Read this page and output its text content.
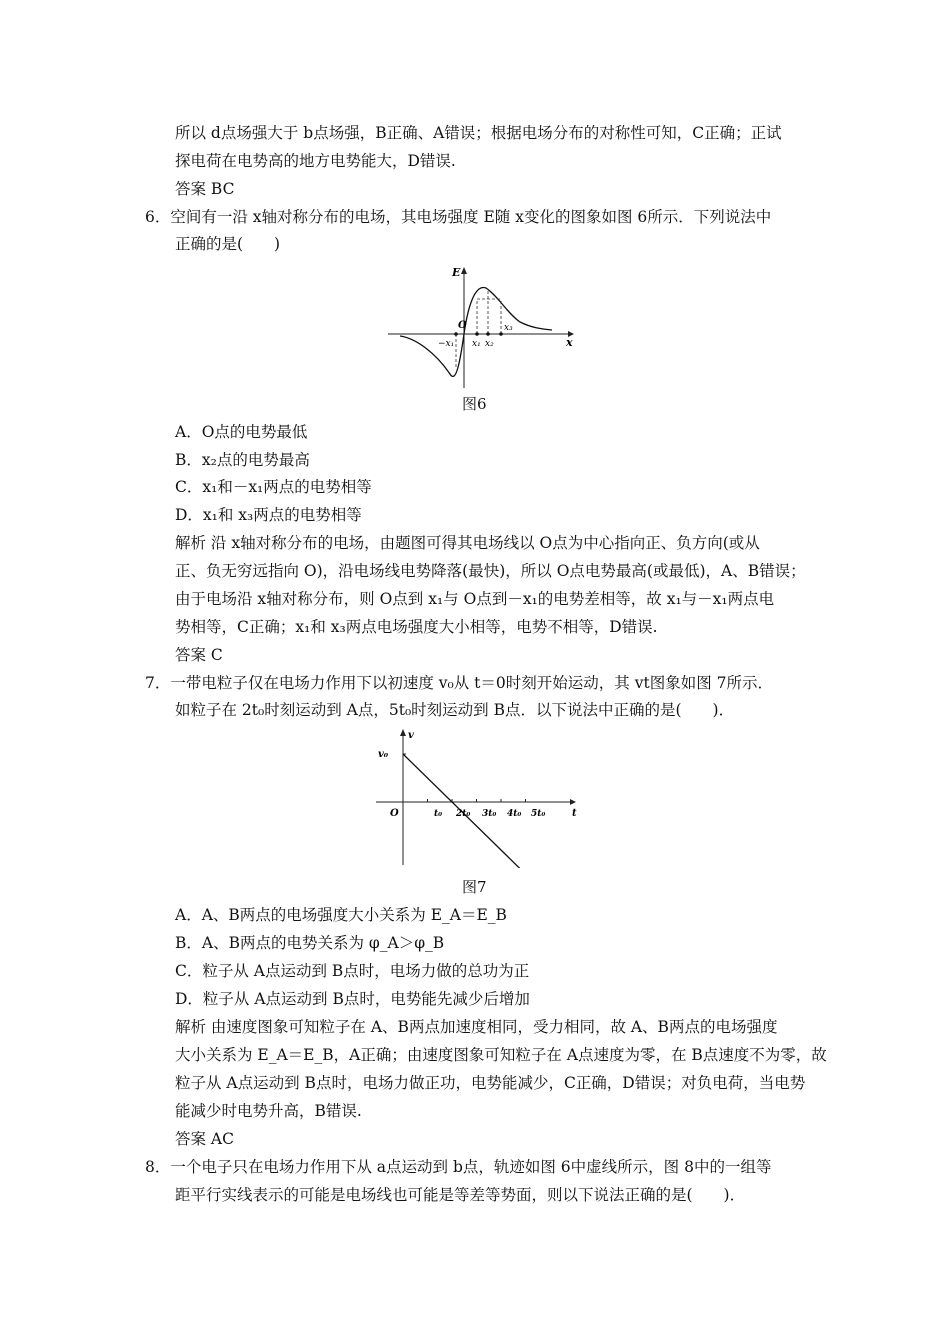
所以 d点场强大于 b点场强，B正确、A错误；根据电场分布的对称性可知，C正确；正试
探电荷在电势高的地方电势能大，D错误.
答案 BC
6．空间有一沿 x轴对称分布的电场，其电场强度 E随 x变化的图象如图 6所示．下列说法中
正确的是(　　)
E
x
O
−x₁ x₁ x₂
x₃
图6
A．O点的电势最低
B．x₂点的电势最高
C．x₁和－x₁两点的电势相等
D．x₁和 x₃两点的电势相等
解析 沿 x轴对称分布的电场，由题图可得其电场线以 O点为中心指向正、负方向(或从
正、负无穷远指向 O)，沿电场线电势降落(最快)，所以 O点电势最高(或最低)，A、B错误；
由于电场沿 x轴对称分布，则 O点到 x₁与 O点到－x₁的电势差相等，故 x₁与－x₁两点电
势相等，C正确；x₁和 x₃两点电场强度大小相等，电势不相等，D错误.
答案 C
7．一带电粒子仅在电场力作用下以初速度 v₀从 t＝0时刻开始运动，其 vt图象如图 7所示．
如粒子在 2t₀时刻运动到 A点，5t₀时刻运动到 B点．以下说法中正确的是(　　)．
v
t
O
v₀
t₀ 2t₀ 3t₀ 4t₀ 5t₀
图7
A．A、B两点的电场强度大小关系为 E_A＝E_B
B．A、B两点的电势关系为 φ_A＞φ_B
C．粒子从 A点运动到 B点时，电场力做的总功为正
D．粒子从 A点运动到 B点时，电势能先减少后增加
解析 由速度图象可知粒子在 A、B两点加速度相同，受力相同，故 A、B两点的电场强度
大小关系为 E_A＝E_B，A正确；由速度图象可知粒子在 A点速度为零，在 B点速度不为零，故
粒子从 A点运动到 B点时，电场力做正功，电势能减少，C正确，D错误；对负电荷，当电势
能减少时电势升高，B错误.
答案 AC
8．一个电子只在电场力作用下从 a点运动到 b点，轨迹如图 6中虚线所示，图 8中的一组等
距平行实线表示的可能是电场线也可能是等差等势面，则以下说法正确的是(　　)．
